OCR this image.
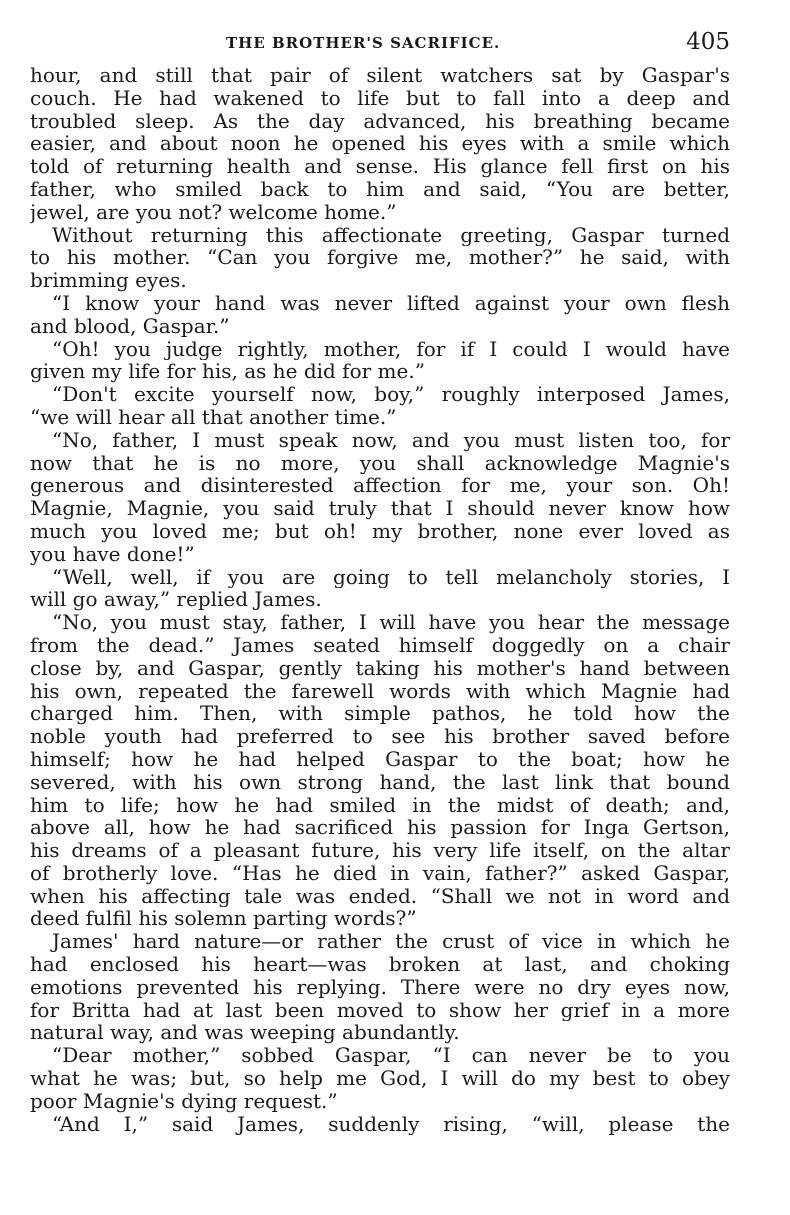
THE BROTHER'S SACRIFICE.	405
hour, and still that pair of silent watchers sat by Gaspar's
couch. He had wakened to life but to fall into a deep and
troubled sleep. As the day advanced, his breathing became
easier, and about noon he opened his eyes with a smile which
told of returning health and sense. His glance fell first on his
father, who smiled back to him and said, “You are better,
jewel, are you not? welcome home.”
Without returning this affectionate greeting, Gaspar turned
to his mother. “Can you forgive me, mother?” he said, with
brimming eyes.
“I know your hand was never lifted against your own flesh
and blood, Gaspar.”
“Oh! you judge rightly, mother, for if I could I would have
given my life for his, as he did for me.”
“Don't excite yourself now, boy,” roughly interposed James,
“we will hear all that another time.”
“No, father, I must speak now, and you must listen too, for
now that he is no more, you shall acknowledge Magnie's
generous and disinterested affection for me, your son. Oh!
Magnie, Magnie, you said truly that I should never know how
much you loved me; but oh! my brother, none ever loved as
you have done!”
“Well, well, if you are going to tell melancholy stories, I
will go away,” replied James.
“No, you must stay, father, I will have you hear the message
from the dead.” James seated himself doggedly on a chair
close by, and Gaspar, gently taking his mother's hand between
his own, repeated the farewell words with which Magnie had
charged him. Then, with simple pathos, he told how the
noble youth had preferred to see his brother saved before
himself; how he had helped Gaspar to the boat; how he
severed, with his own strong hand, the last link that bound
him to life; how he had smiled in the midst of death; and,
above all, how he had sacrificed his passion for Inga Gertson,
his dreams of a pleasant future, his very life itself, on the altar
of brotherly love. “Has he died in vain, father?” asked Gaspar,
when his affecting tale was ended. “Shall we not in word and
deed fulfil his solemn parting words?”
James' hard nature—or rather the crust of vice in which he
had enclosed his heart—was broken at last, and choking
emotions prevented his replying. There were no dry eyes now,
for Britta had at last been moved to show her grief in a more
natural way, and was weeping abundantly.
“Dear mother,” sobbed Gaspar, “I can never be to you
what he was; but, so help me God, I will do my best to obey
poor Magnie's dying request.”
“And I,” said James, suddenly rising, “will, please the
